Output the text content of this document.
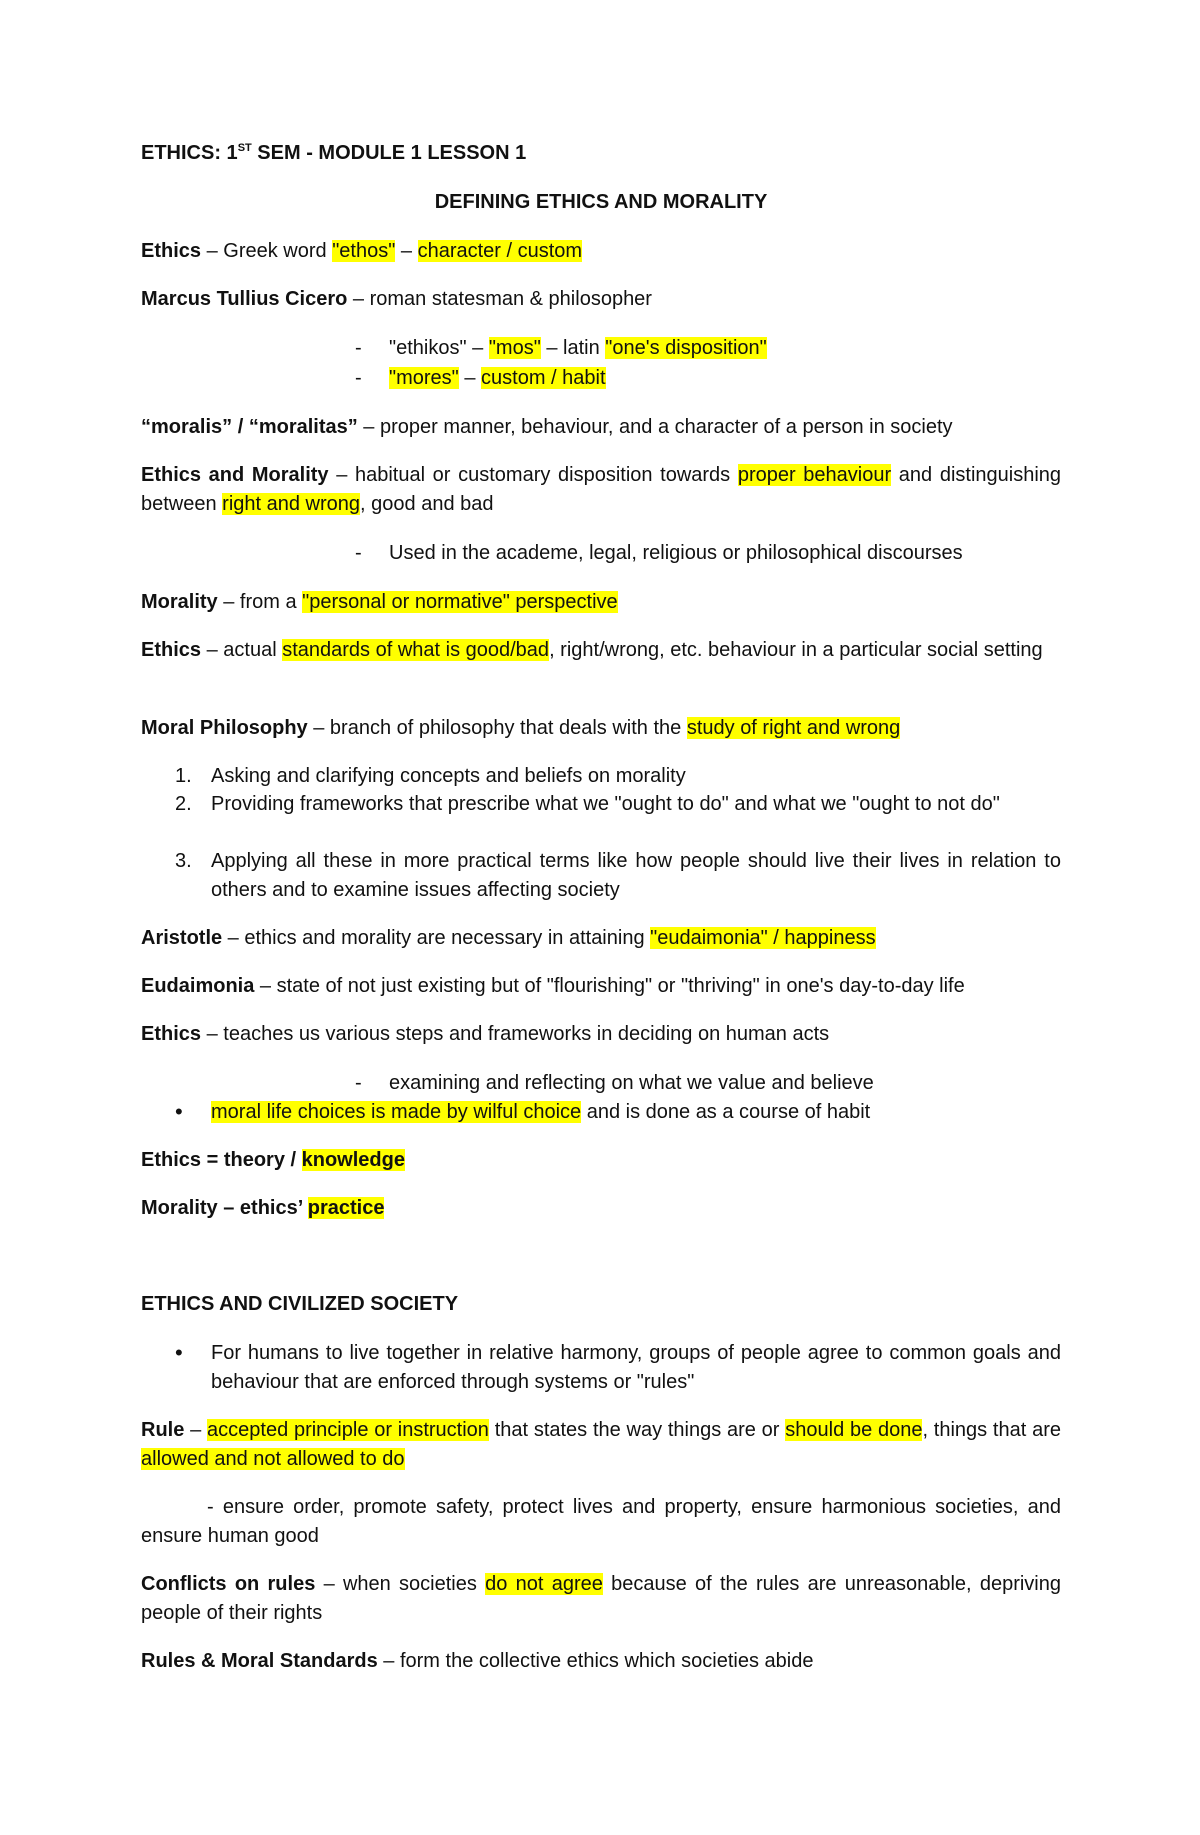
ETHICS: 1ST SEM - MODULE 1 LESSON 1

DEFINING ETHICS AND MORALITY

Ethics – Greek word "ethos" – character / custom

Marcus Tullius Cicero – roman statesman & philosopher

- "ethikos" – "mos" – latin "one's disposition"

- "mores" – custom / habit

“moralis” / “moralitas” – proper manner, behaviour, and a character of a person in society

Ethics and Morality – habitual or customary disposition towards proper behaviour and distinguishing between right and wrong, good and bad

- Used in the academe, legal, religious or philosophical discourses

Morality – from a "personal or normative" perspective

Ethics – actual standards of what is good/bad, right/wrong, etc. behaviour in a particular social setting

Moral Philosophy – branch of philosophy that deals with the study of right and wrong

1. Asking and clarifying concepts and beliefs on morality

2. Providing frameworks that prescribe what we "ought to do" and what we "ought to not do"

3. Applying all these in more practical terms like how people should live their lives in relation to others and to examine issues affecting society

Aristotle – ethics and morality are necessary in attaining "eudaimonia" / happiness

Eudaimonia – state of not just existing but of "flourishing" or "thriving" in one's day-to-day life

Ethics – teaches us various steps and frameworks in deciding on human acts

- examining and reflecting on what we value and believe

• moral life choices is made by wilful choice and is done as a course of habit

Ethics = theory / knowledge

Morality – ethics’ practice

ETHICS AND CIVILIZED SOCIETY

• For humans to live together in relative harmony, groups of people agree to common goals and behaviour that are enforced through systems or "rules"

Rule – accepted principle or instruction that states the way things are or should be done, things that are allowed and not allowed to do

- ensure order, promote safety, protect lives and property, ensure harmonious societies, and ensure human good

Conflicts on rules – when societies do not agree because of the rules are unreasonable, depriving people of their rights

Rules & Moral Standards – form the collective ethics which societies abide
